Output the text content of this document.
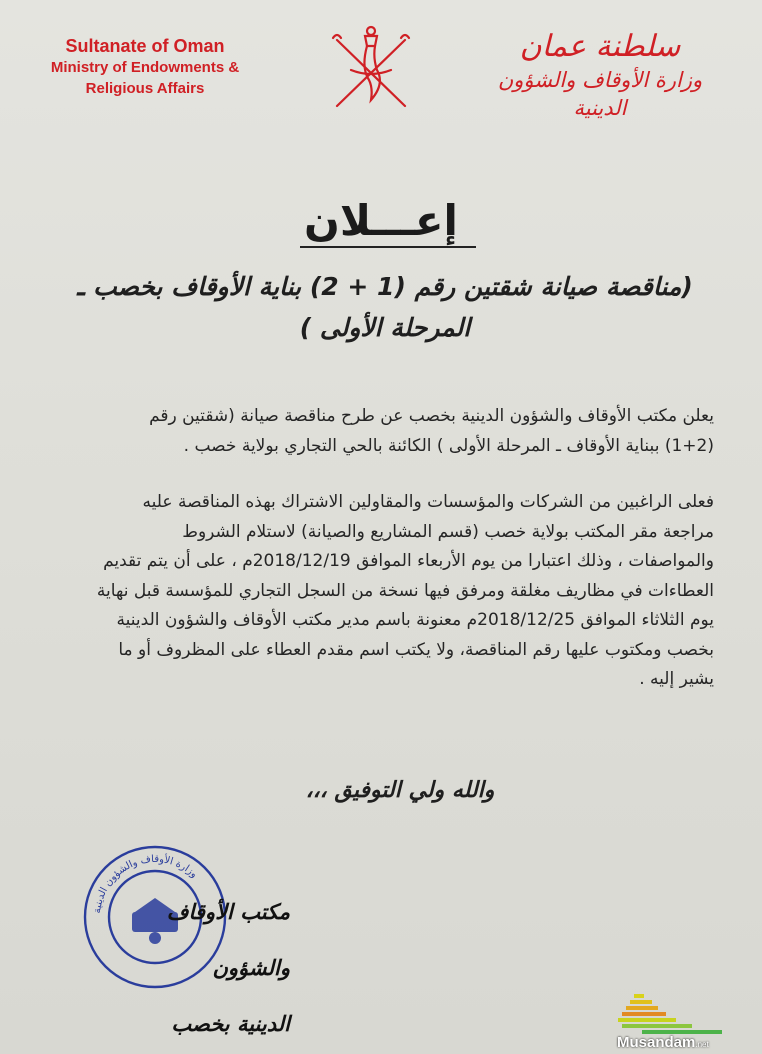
Sultanate of Oman
Ministry of Endowments &
Religious Affairs
سلطنة عمان
وزارة الأوقاف والشؤون الدينية
إعـــلان
(مناقصة صيانة شقتين رقم (1 + 2) بناية الأوقاف بخصب ـ
المرحلة الأولى )
يعلن مكتب الأوقاف والشؤون الدينية بخصب عن طرح مناقصة صيانة (شقتين رقم
(1+2) ببناية الأوقاف ـ المرحلة الأولى ) الكائنة بالحي التجاري بولاية خصب .
فعلى الراغبين من الشركات والمؤسسات والمقاولين الاشتراك بهذه المناقصة عليه
مراجعة مقر المكتب بولاية خصب (قسم المشاريع والصيانة) لاستلام الشروط
والمواصفات ، وذلك اعتبارا من يوم الأربعاء الموافق 2018/12/19م ، على أن يتم تقديم
العطاءات في مظاريف مغلقة ومرفق فيها نسخة من السجل التجاري للمؤسسة قبل نهاية
يوم الثلاثاء الموافق 2018/12/25م معنونة باسم مدير مكتب الأوقاف والشؤون الدينية
بخصب ومكتوب عليها رقم المناقصة، ولا يكتب اسم مقدم العطاء على المظروف أو ما
يشير إليه .
والله ولي التوفيق ،،،
وزارة الأوقاف والشؤون الدينية
مكتب الأوقاف والشؤون
الدينية بخصب
Musandam.net
